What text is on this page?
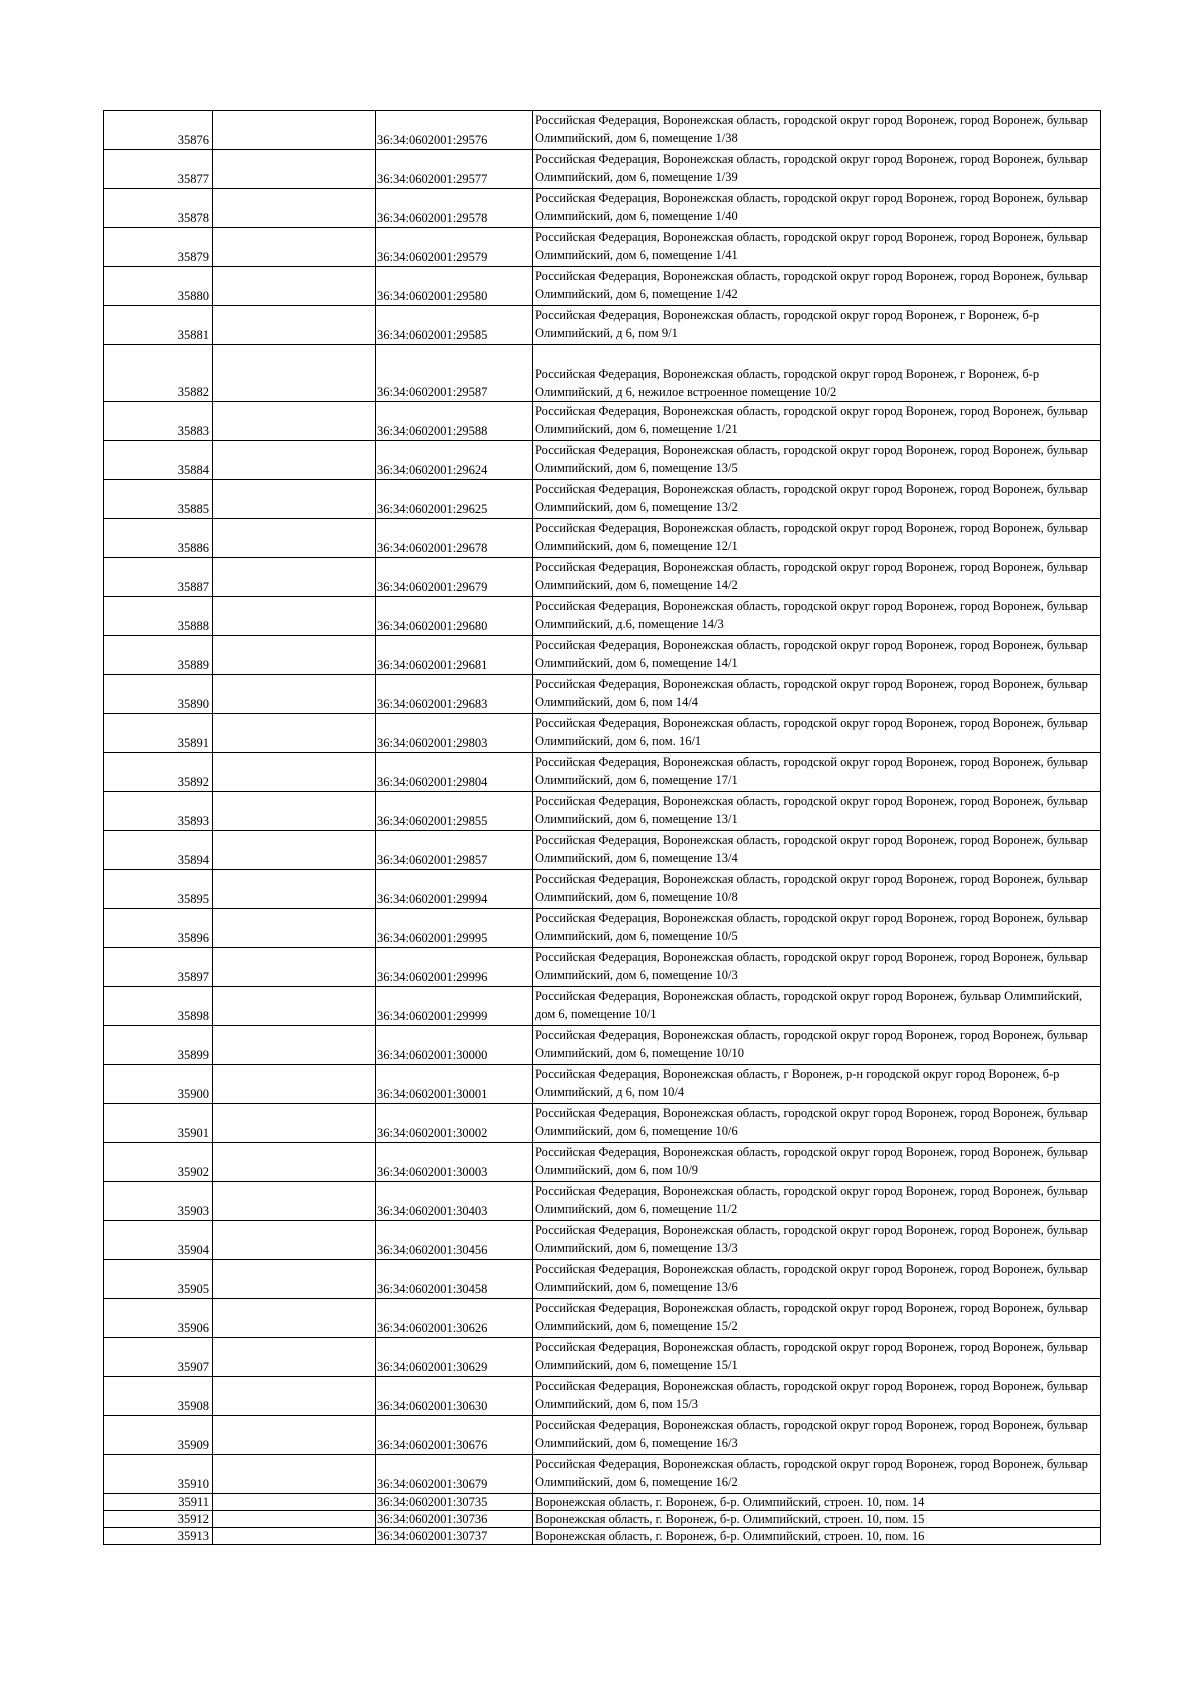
35876		36:34:0602001:29576	Российская Федерация, Воронежская область, городской округ город Воронеж, город Воронеж, бульвар Олимпийский, дом 6, помещение 1/38
35877		36:34:0602001:29577	Российская Федерация, Воронежская область, городской округ город Воронеж, город Воронеж, бульвар Олимпийский, дом 6, помещение 1/39
35878		36:34:0602001:29578	Российская Федерация, Воронежская область, городской округ город Воронеж, город Воронеж, бульвар Олимпийский, дом 6, помещение 1/40
35879		36:34:0602001:29579	Российская Федерация, Воронежская область, городской округ город Воронеж, город Воронеж, бульвар Олимпийский, дом 6, помещение 1/41
35880		36:34:0602001:29580	Российская Федерация, Воронежская область, городской округ город Воронеж, город Воронеж, бульвар Олимпийский, дом 6, помещение 1/42
35881		36:34:0602001:29585	Российская Федерация, Воронежская область, городской округ город Воронеж, г Воронеж, б-р Олимпийский, д 6, пом 9/1
35882		36:34:0602001:29587	Российская Федерация, Воронежская область, городской округ город Воронеж, г Воронеж, б-р Олимпийский, д 6, нежилое встроенное помещение 10/2
35883		36:34:0602001:29588	Российская Федерация, Воронежская область, городской округ город Воронеж, город Воронеж, бульвар Олимпийский, дом 6, помещение 1/21
35884		36:34:0602001:29624	Российская Федерация, Воронежская область, городской округ город Воронеж, город Воронеж, бульвар Олимпийский, дом 6, помещение 13/5
35885		36:34:0602001:29625	Российская Федерация, Воронежская область, городской округ город Воронеж, город Воронеж, бульвар Олимпийский, дом 6, помещение 13/2
35886		36:34:0602001:29678	Российская Федерация, Воронежская область, городской округ город Воронеж, город Воронеж, бульвар Олимпийский, дом 6, помещение 12/1
35887		36:34:0602001:29679	Российская Федерация, Воронежская область, городской округ город Воронеж, город Воронеж, бульвар Олимпийский, дом 6, помещение 14/2
35888		36:34:0602001:29680	Российская Федерация, Воронежская область, городской округ город Воронеж, город Воронеж, бульвар Олимпийский, д.6, помещение 14/3
35889		36:34:0602001:29681	Российская Федерация, Воронежская область, городской округ город Воронеж, город Воронеж, бульвар Олимпийский, дом 6, помещение 14/1
35890		36:34:0602001:29683	Российская Федерация, Воронежская область, городской округ город Воронеж, город Воронеж, бульвар Олимпийский, дом 6, пом 14/4
35891		36:34:0602001:29803	Российская Федерация, Воронежская область, городской округ город Воронеж, город Воронеж, бульвар Олимпийский, дом 6, пом. 16/1
35892		36:34:0602001:29804	Российская Федерация, Воронежская область, городской округ город Воронеж, город Воронеж, бульвар Олимпийский, дом 6, помещение 17/1
35893		36:34:0602001:29855	Российская Федерация, Воронежская область, городской округ город Воронеж, город Воронеж, бульвар Олимпийский, дом 6, помещение 13/1
35894		36:34:0602001:29857	Российская Федерация, Воронежская область, городской округ город Воронеж, город Воронеж, бульвар Олимпийский, дом 6, помещение 13/4
35895		36:34:0602001:29994	Российская Федерация, Воронежская область, городской округ город Воронеж, город Воронеж, бульвар Олимпийский, дом 6, помещение 10/8
35896		36:34:0602001:29995	Российская Федерация, Воронежская область, городской округ город Воронеж, город Воронеж, бульвар Олимпийский, дом 6, помещение 10/5
35897		36:34:0602001:29996	Российская Федерация, Воронежская область, городской округ город Воронеж, город Воронеж, бульвар Олимпийский, дом 6, помещение 10/3
35898		36:34:0602001:29999	Российская Федерация, Воронежская область, городской округ город Воронеж, бульвар Олимпийский, дом 6, помещение 10/1
35899		36:34:0602001:30000	Российская Федерация, Воронежская область, городской округ город Воронеж, город Воронеж, бульвар Олимпийский, дом 6, помещение 10/10
35900		36:34:0602001:30001	Российская Федерация, Воронежская область, г Воронеж, р-н городской округ город Воронеж, б-р Олимпийский, д 6, пом 10/4
35901		36:34:0602001:30002	Российская Федерация, Воронежская область, городской округ город Воронеж, город Воронеж, бульвар Олимпийский, дом 6, помещение 10/6
35902		36:34:0602001:30003	Российская Федерация, Воронежская область, городской округ город Воронеж, город Воронеж, бульвар Олимпийский, дом 6, пом 10/9
35903		36:34:0602001:30403	Российская Федерация, Воронежская область, городской округ город Воронеж, город Воронеж, бульвар Олимпийский, дом 6, помещение 11/2
35904		36:34:0602001:30456	Российская Федерация, Воронежская область, городской округ город Воронеж, город Воронеж, бульвар Олимпийский, дом 6, помещение 13/3
35905		36:34:0602001:30458	Российская Федерация, Воронежская область, городской округ город Воронеж, город Воронеж, бульвар Олимпийский, дом 6, помещение 13/6
35906		36:34:0602001:30626	Российская Федерация, Воронежская область, городской округ город Воронеж, город Воронеж, бульвар Олимпийский, дом 6, помещение 15/2
35907		36:34:0602001:30629	Российская Федерация, Воронежская область, городской округ город Воронеж, город Воронеж, бульвар Олимпийский, дом 6, помещение 15/1
35908		36:34:0602001:30630	Российская Федерация, Воронежская область, городской округ город Воронеж, город Воронеж, бульвар Олимпийский, дом 6, пом 15/3
35909		36:34:0602001:30676	Российская Федерация, Воронежская область, городской округ город Воронеж, город Воронеж, бульвар Олимпийский, дом 6, помещение 16/3
35910		36:34:0602001:30679	Российская Федерация, Воронежская область, городской округ город Воронеж, город Воронеж, бульвар Олимпийский, дом 6, помещение 16/2
35911		36:34:0602001:30735	Воронежская область, г. Воронеж, б-р. Олимпийский, строен. 10, пом. 14
35912		36:34:0602001:30736	Воронежская область, г. Воронеж, б-р. Олимпийский, строен. 10, пом. 15
35913		36:34:0602001:30737	Воронежская область, г. Воронеж, б-р. Олимпийский, строен. 10, пом. 16
